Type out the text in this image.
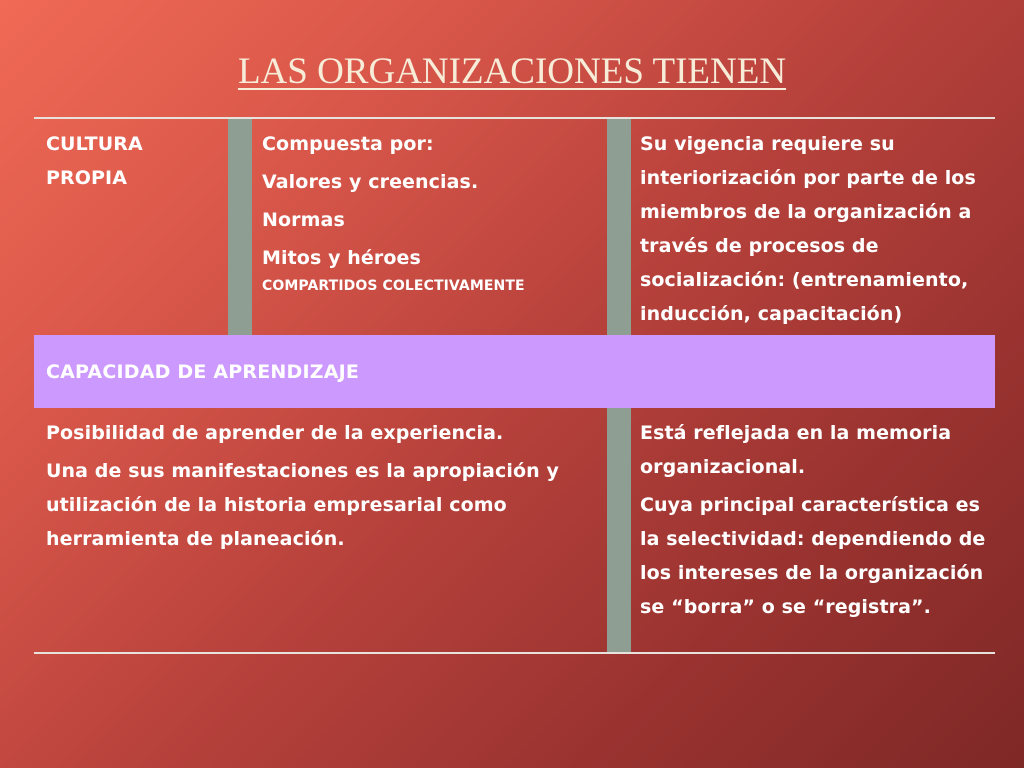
LAS ORGANIZACIONES TIENEN

CULTURA

PROPIA

Compuesta por:

Valores y creencias.

Normas

Mitos y héroes

COMPARTIDOS COLECTIVAMENTE

Su vigencia requiere su

interiorización por parte de los

miembros de la organización a

través de procesos de

socialización: (entrenamiento,

inducción, capacitación)

CAPACIDAD DE APRENDIZAJE

Posibilidad de aprender de la experiencia.

Una de sus manifestaciones es la apropiación y

utilización de la historia empresarial como

herramienta de planeación.

Está reflejada en la memoria

organizacional.

Cuya principal característica es

la selectividad: dependiendo de

los intereses de la organización

se “borra” o se “registra”.
